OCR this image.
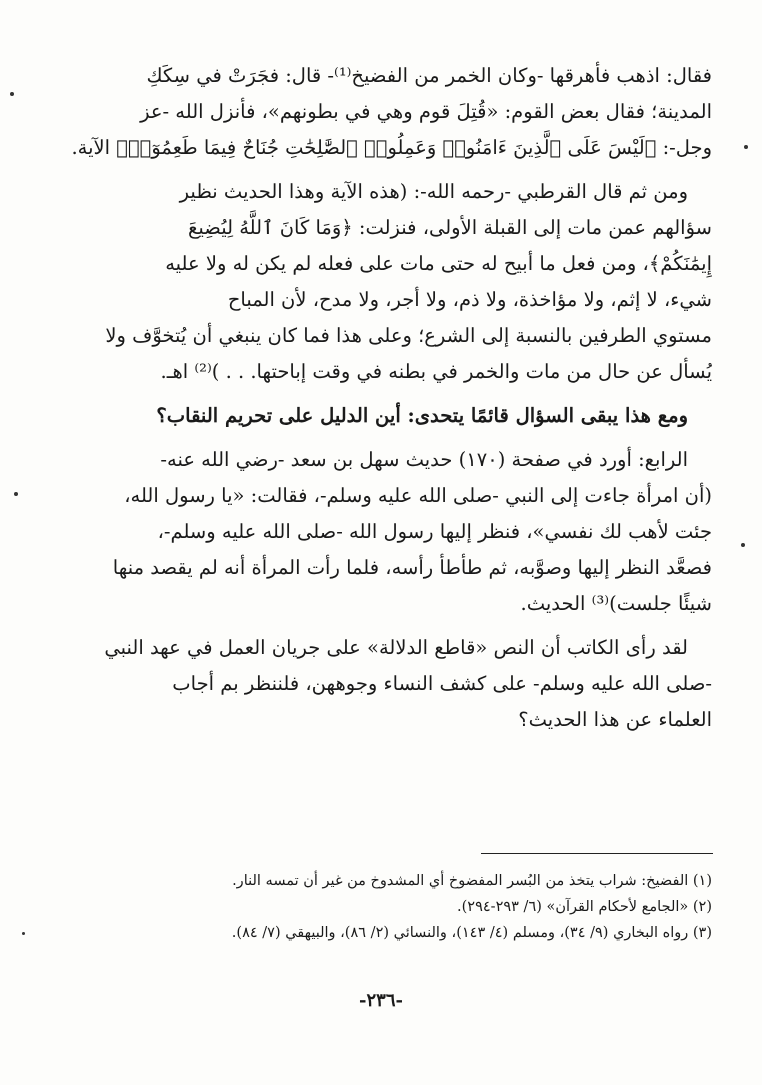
فقال: اذهب فأهرقها -وكان الخمر من الفضيخ⁽¹⁾- قال: فجَرَتْ في سِكَكِ
المدينة؛ فقال بعض القوم: «قُتِلَ قوم وهي في بطونهم»، فأنزل الله -عز
وجل-: ﴿لَيْسَ عَلَى ٱلَّذِينَ ءَامَنُوا۟ وَعَمِلُوا۟ ٱلصَّٰلِحَٰتِ جُنَاحٌ فِيمَا طَعِمُوٓا۟﴾ الآية.
ومن ثم قال القرطبي -رحمه الله-: (هذه الآية وهذا الحديث نظير
سؤالهم عمن مات إلى القبلة الأولى، فنزلت: ﴿وَمَا كَانَ ٱللَّهُ لِيُضِيعَ
إِيمَٰنَكُمْ﴾، ومن فعل ما أبيح له حتى مات على فعله لم يكن له ولا عليه
شيء، لا إثم، ولا مؤاخذة، ولا ذم، ولا أجر، ولا مدح، لأن المباح
مستوي الطرفين بالنسبة إلى الشرع؛ وعلى هذا فما كان ينبغي أن يُتخوَّف ولا
يُسأل عن حال من مات والخمر في بطنه في وقت إباحتها. . . )⁽²⁾ اهـ.
ومع هذا يبقى السؤال قائمًا يتحدى: أين الدليل على تحريم النقاب؟
الرابع: أورد في صفحة (١٧٠) حديث سهل بن سعد -رضي الله عنه-
(أن امرأة جاءت إلى النبي -صلى الله عليه وسلم-، فقالت: «يا رسول الله،
جئت لأهب لك نفسي»، فنظر إليها رسول الله -صلى الله عليه وسلم-،
فصعَّد النظر إليها وصوَّبه، ثم طأطأ رأسه، فلما رأت المرأة أنه لم يقصد منها
شيئًا جلست)⁽³⁾ الحديث.
لقد رأى الكاتب أن النص «قاطع الدلالة» على جريان العمل في عهد النبي
-صلى الله عليه وسلم- على كشف النساء وجوههن، فلننظر بم أجاب
العلماء عن هذا الحديث؟
(١) الفضيخ: شراب يتخذ من البُسر المفضوخ أي المشدوخ من غير أن تمسه النار.
(٢) «الجامع لأحكام القرآن» (٦/ ٢٩٣-٢٩٤).
(٣) رواه البخاري (٩/ ٣٤)، ومسلم (٤/ ١٤٣)، والنسائي (٢/ ٨٦)، والبيهقي (٧/ ٨٤).
-٢٣٦-
